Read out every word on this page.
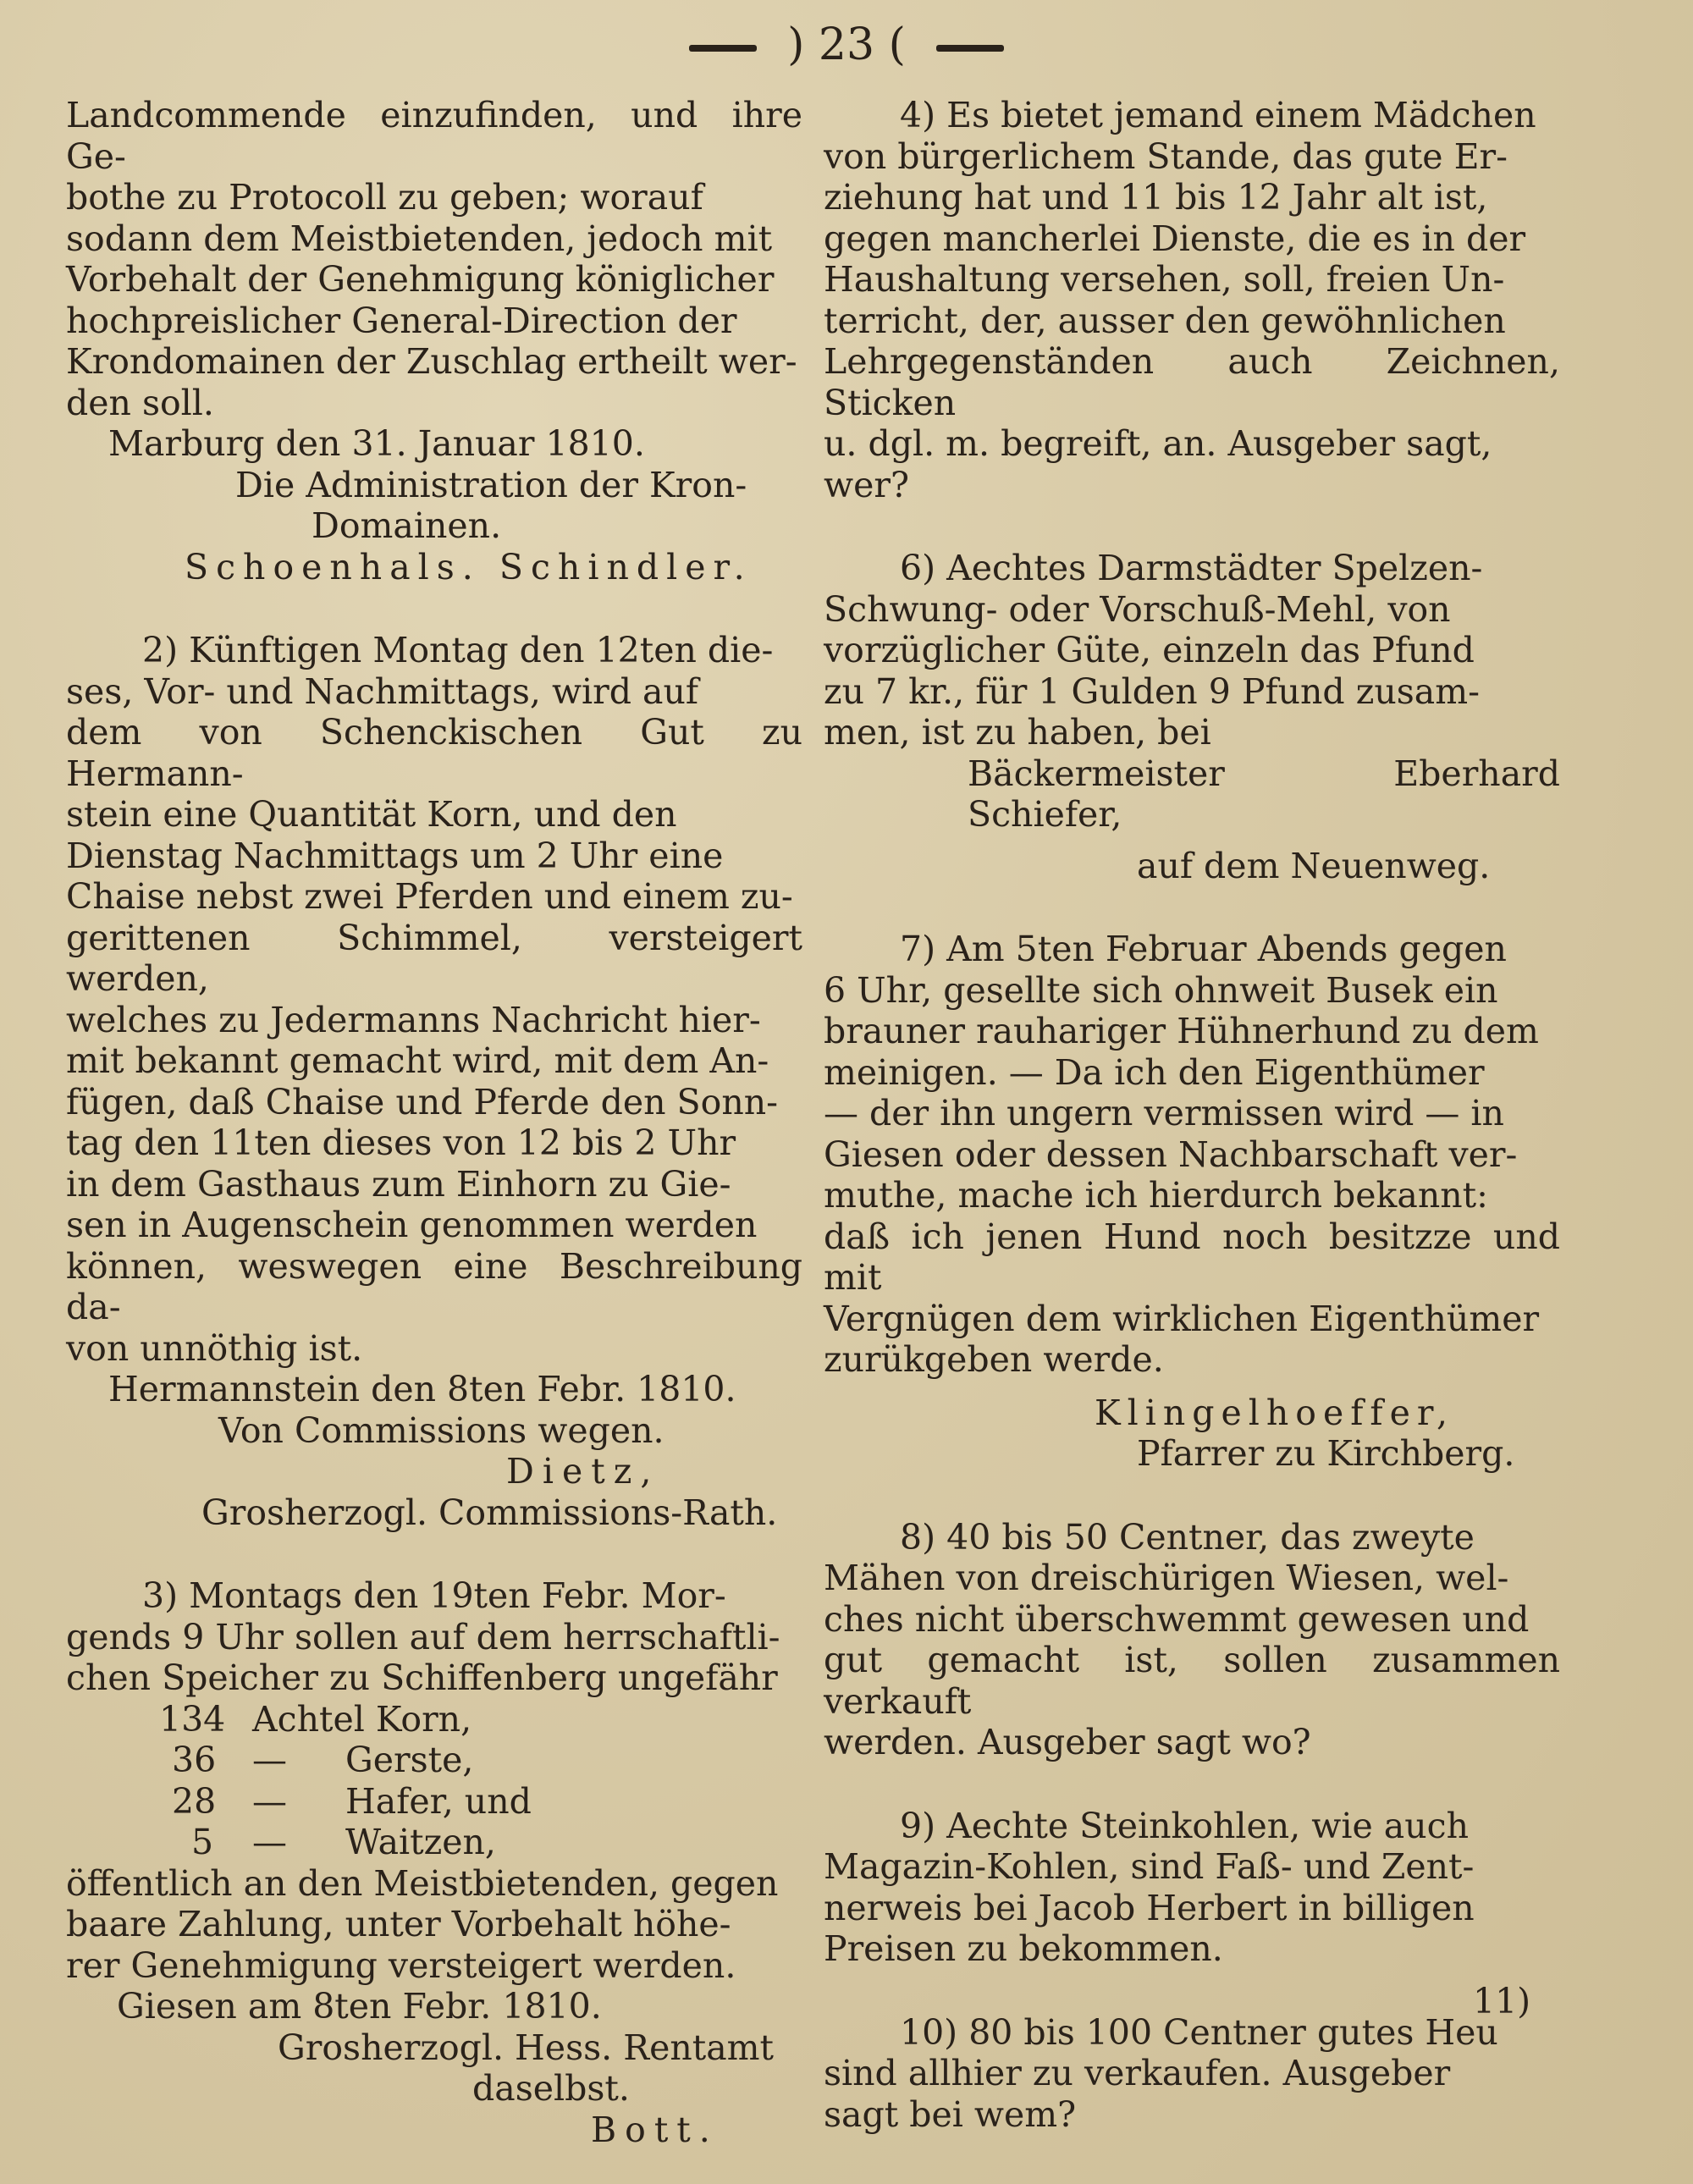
) 23 (

Landcommende einzufinden, und ihre Ge-

bothe zu Protocoll zu geben; worauf

sodann dem Meistbietenden, jedoch mit

Vorbehalt der Genehmigung königlicher

hochpreislicher General-Direction der

Krondomainen der Zuschlag ertheilt wer-

den soll.

Marburg den 31. Januar 1810.

Die Administration der Kron-

Domainen.

Schoenhals. Schindler.

2) Künftigen Montag den 12ten die-

ses, Vor- und Nachmittags, wird auf

dem von Schenckischen Gut zu Hermann-

stein eine Quantität Korn, und den

Dienstag Nachmittags um 2 Uhr eine

Chaise nebst zwei Pferden und einem zu-

gerittenen Schimmel, versteigert werden,

welches zu Jedermanns Nachricht hier-

mit bekannt gemacht wird, mit dem An-

fügen, daß Chaise und Pferde den Sonn-

tag den 11ten dieses von 12 bis 2 Uhr

in dem Gasthaus zum Einhorn zu Gie-

sen in Augenschein genommen werden

können, weswegen eine Beschreibung da-

von unnöthig ist.

Hermannstein den 8ten Febr. 1810.

Von Commissions wegen.

Dietz,

Grosherzogl. Commissions-Rath.

3) Montags den 19ten Febr. Mor-

gends 9 Uhr sollen auf dem herrschaftli-

chen Speicher zu Schiffenberg ungefähr

134 Achtel Korn,
36	—	Gerste,
28	—	Hafer, und
5	—	Waitzen,

öffentlich an den Meistbietenden, gegen

baare Zahlung, unter Vorbehalt höhe-

rer Genehmigung versteigert werden.

Giesen am 8ten Febr. 1810.

Grosherzogl. Hess. Rentamt

daselbst.

Bott.

4) Es bietet jemand einem Mädchen

von bürgerlichem Stande, das gute Er-

ziehung hat und 11 bis 12 Jahr alt ist,

gegen mancherlei Dienste, die es in der

Haushaltung versehen, soll, freien Un-

terricht, der, ausser den gewöhnlichen

Lehrgegenständen auch Zeichnen, Sticken

u. dgl. m. begreift, an. Ausgeber sagt,

wer?

6) Aechtes Darmstädter Spelzen-

Schwung- oder Vorschuß-Mehl, von

vorzüglicher Güte, einzeln das Pfund

zu 7 kr., für 1 Gulden 9 Pfund zusam-

men, ist zu haben, bei

Bäckermeister Eberhard Schiefer,

auf dem Neuenweg.

7) Am 5ten Februar Abends gegen

6 Uhr, gesellte sich ohnweit Busek ein

brauner rauhariger Hühnerhund zu dem

meinigen. — Da ich den Eigenthümer

— der ihn ungern vermissen wird — in

Giesen oder dessen Nachbarschaft ver-

muthe, mache ich hierdurch bekannt:

daß ich jenen Hund noch besitzze und mit

Vergnügen dem wirklichen Eigenthümer

zurükgeben werde.

Klingelhoeffer,

Pfarrer zu Kirchberg.

8) 40 bis 50 Centner, das zweyte

Mähen von dreischürigen Wiesen, wel-

ches nicht überschwemmt gewesen und

gut gemacht ist, sollen zusammen verkauft

werden. Ausgeber sagt wo?

9) Aechte Steinkohlen, wie auch

Magazin-Kohlen, sind Faß- und Zent-

nerweis bei Jacob Herbert in billigen

Preisen zu bekommen.

10) 80 bis 100 Centner gutes Heu

sind allhier zu verkaufen. Ausgeber

sagt bei wem?

11)
